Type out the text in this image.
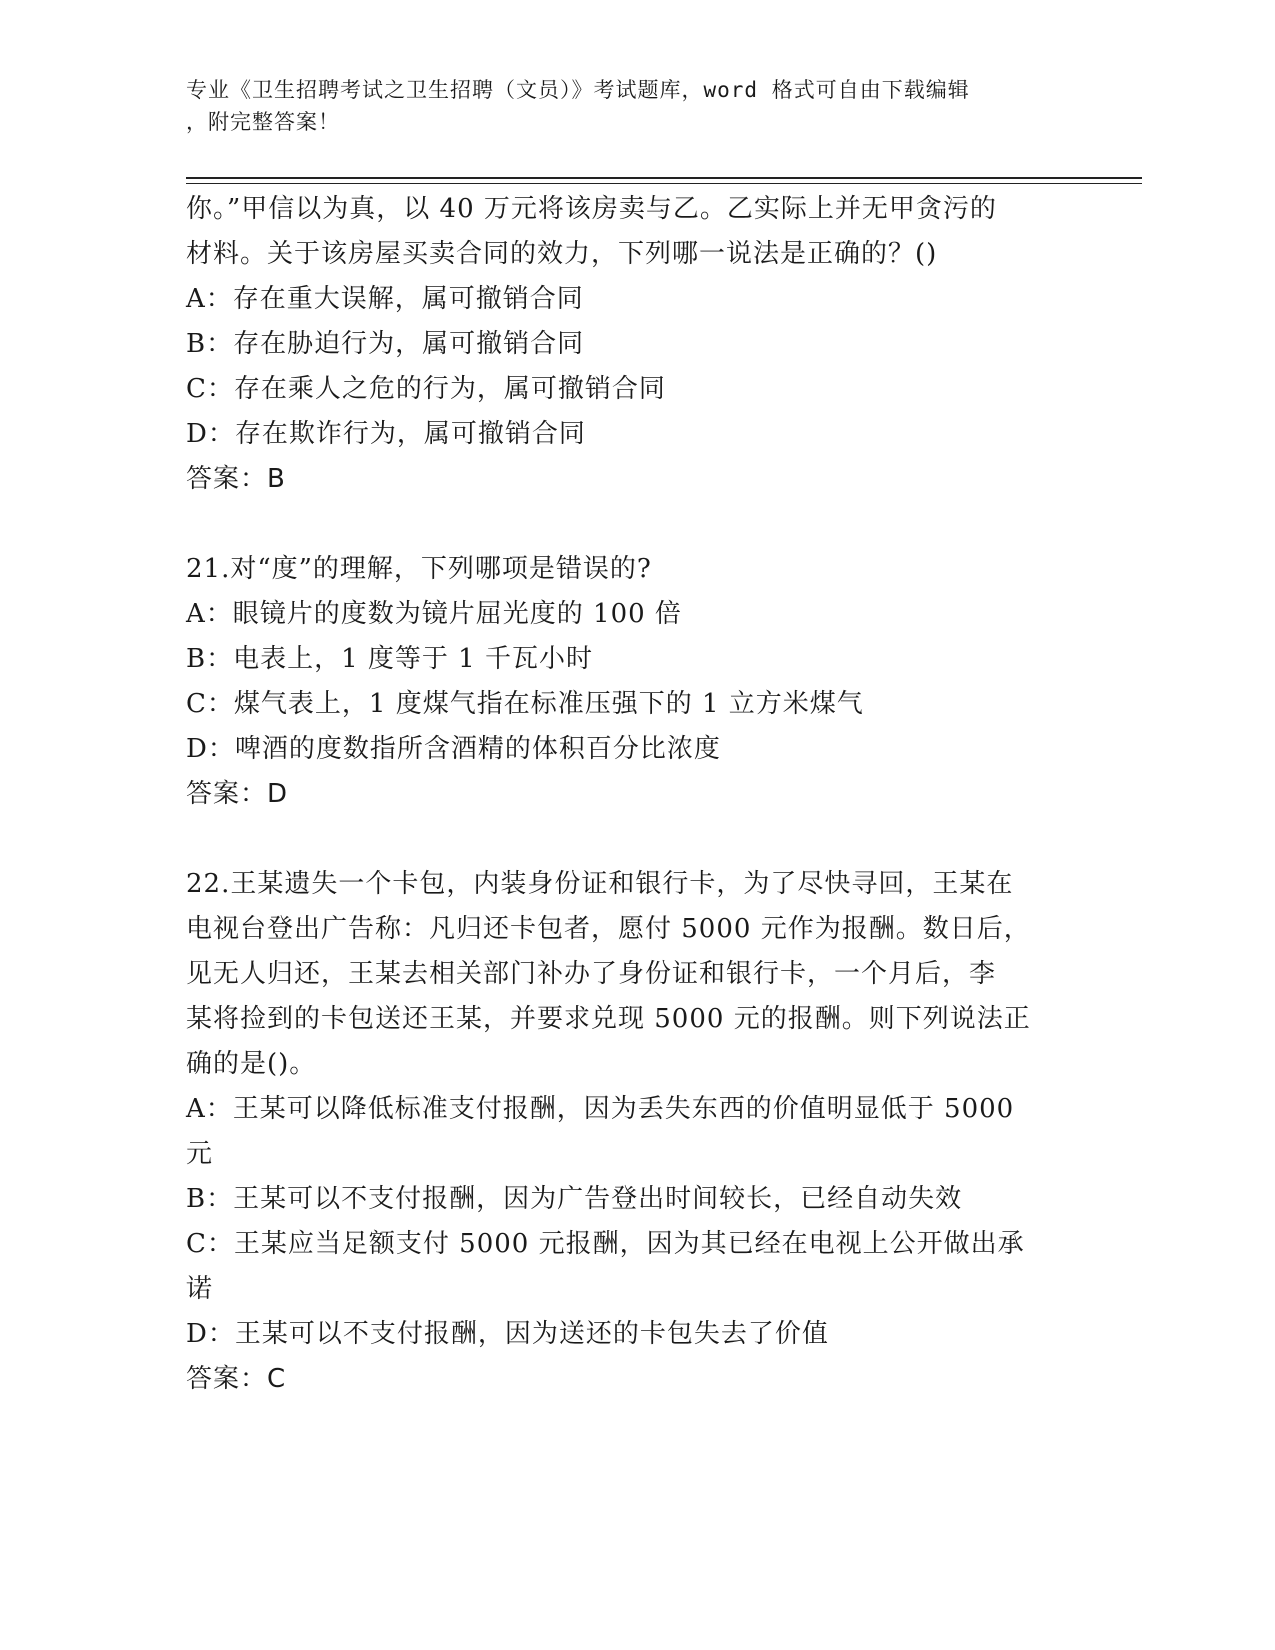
专业《卫生招聘考试之卫生招聘（文员）》考试题库，word 格式可自由下载编辑
，附完整答案！
你。”甲信以为真，以 40 万元将该房卖与乙。乙实际上并无甲贪污的
材料。关于该房屋买卖合同的效力，下列哪一说法是正确的？()
A：存在重大误解，属可撤销合同
B：存在胁迫行为，属可撤销合同
C：存在乘人之危的行为，属可撤销合同
D：存在欺诈行为，属可撤销合同
答案：B
21.对“度”的理解，下列哪项是错误的?
A：眼镜片的度数为镜片屈光度的 100 倍
B：电表上，1 度等于 1 千瓦小时
C：煤气表上，1 度煤气指在标准压强下的 1 立方米煤气
D：啤酒的度数指所含酒精的体积百分比浓度
答案：D
22.王某遗失一个卡包，内装身份证和银行卡，为了尽快寻回，王某在
电视台登出广告称：凡归还卡包者，愿付 5000 元作为报酬。数日后，
见无人归还，王某去相关部门补办了身份证和银行卡，一个月后，李
某将捡到的卡包送还王某，并要求兑现 5000 元的报酬。则下列说法正
确的是()。
A：王某可以降低标准支付报酬，因为丢失东西的价值明显低于 5000
元
B：王某可以不支付报酬，因为广告登出时间较长，已经自动失效
C：王某应当足额支付 5000 元报酬，因为其已经在电视上公开做出承
诺
D：王某可以不支付报酬，因为送还的卡包失去了价值
答案：C
